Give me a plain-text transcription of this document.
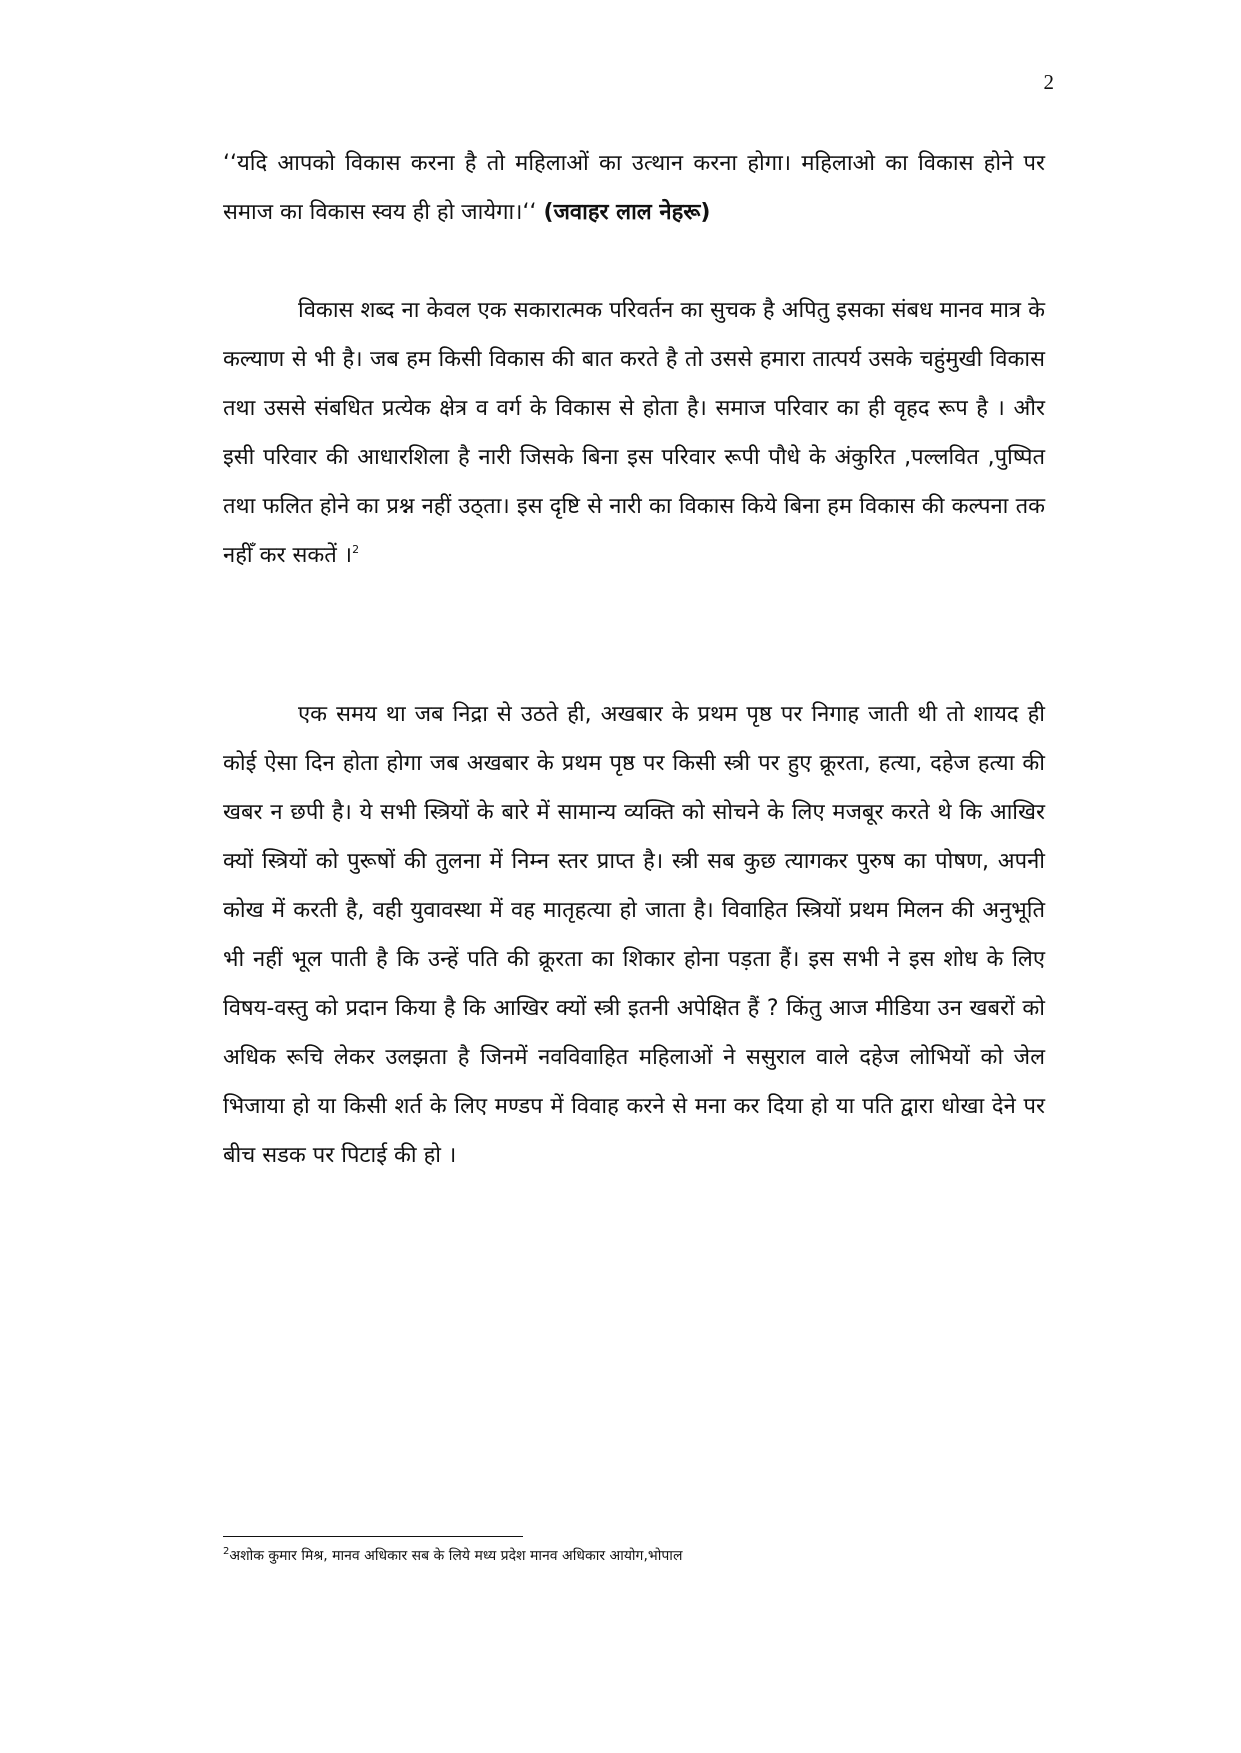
2
‘‘यदि आपको विकास करना है तो महिलाओं का उत्थान करना होगा। महिलाओ का विकास होने पर समाज का विकास स्‍वय ही हो जायेगा।‘‘ (जवाहर लाल नेहरू)
विकास शब्द ना केवल एक सकारात्मक परिवर्तन का सुचक है अपितु इसका संबध मानव मात्र के कल्याण से भी है। जब हम किसी विकास की बात करते है तो उससे हमारा तात्पर्य उसके चहुंमुखी विकास तथा उससे संबधित प्रत्येक क्षेत्र व वर्ग के विकास से होता है। समाज परिवार का ही वृहद रूप है । और इसी परिवार की आधारशिला है नारी जिसके बिना इस परिवार रूपी पौधे के अंकुरित ,पल्लवित ,पुष्पित तथा फलित होने का प्रश्न नहीं उठ्‍ता। इस दृष्टि से नारी का विकास किये बिना हम विकास की कल्पना तक नहीँ कर सकतें ।$^2$
एक समय था जब निद्रा से उठते ही, अखबार के प्रथम पृष्ठ पर निगाह जाती थी तो शायद ही कोई ऐसा दिन होता होगा जब अखबार के प्रथम पृष्ठ पर किसी स्त्री पर हुए क्रूरता, हत्या, दहेज हत्या की खबर न छपी है। ये सभी स्त्रियों के बारे में सामान्य व्यक्ति को सोचने के लिए मजबूर करते थे कि आखिर क्यों स्त्रियों को पुरूषों की तुलना में निम्न स्तर प्राप्त है। स्त्री सब कुछ त्यागकर पुरुष का पोषण, अपनी कोख में करती है, वही युवावस्था में वह मातृहत्या हो जाता है। विवाहित स्त्रियों प्रथम मिलन की अनुभूति भी नहीं भूल पाती है कि उन्हें पति की क्रूरता का शिकार होना पड़ता हैं। इस सभी ने इस शोध के लिए विषय-वस्तु को प्रदान किया है कि आखिर क्यों स्त्री इतनी अपेक्षित हैं ? किंतु आज मीडिया उन खबरों को अधिक रूचि लेकर उलझता है जिनमें नवविवाहित महिलाओं ने ससुराल वाले दहेज लोभियों को जेल भिजाया हो या किसी शर्त के लिए मण्डप में विवाह करने से मना कर दिया हो या पति द्वारा धोखा देने पर बीच सडक पर पिटाई की हो ।
$^2$अशोक कुमार मिश्र, मानव अधिकार सब के लिये मध्य प्रदेश मानव अधिकार आयोग,भोपाल
